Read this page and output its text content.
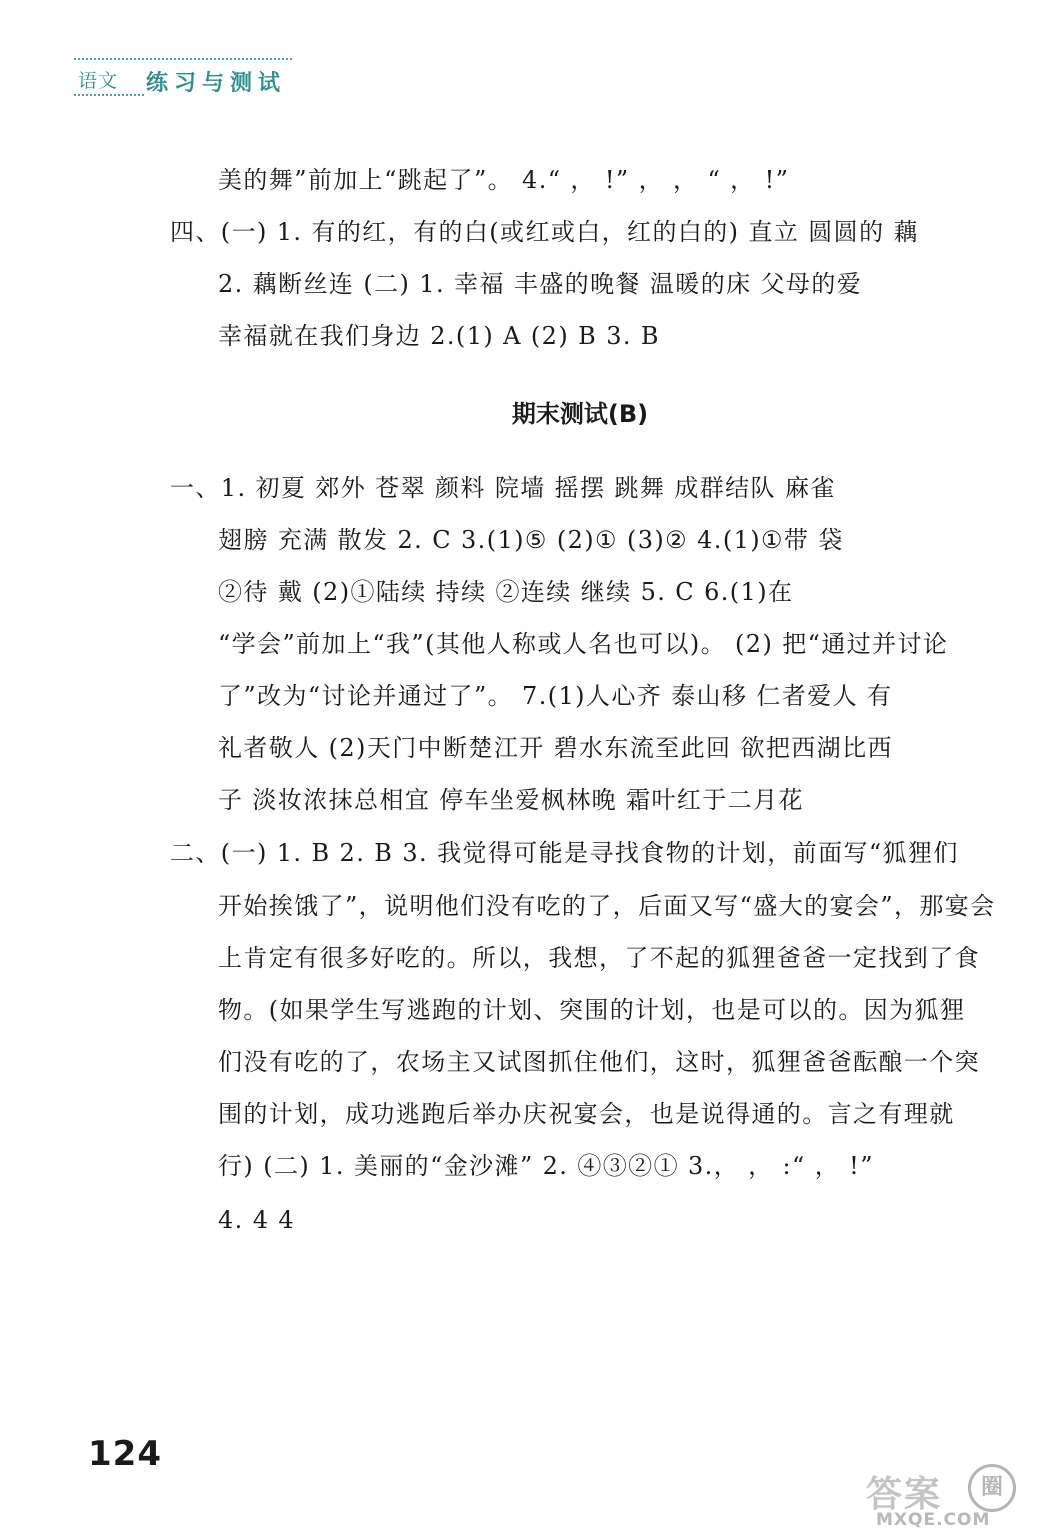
语文 练习与测试
美的舞”前加上“跳起了”。 4.“ ， !” ， ， “ ， !”
四、(一) 1. 有的红，有的白(或红或白，红的白的) 直立 圆圆的 藕
2. 藕断丝连 (二) 1. 幸福 丰盛的晚餐 温暖的床 父母的爱
幸福就在我们身边 2.(1) A (2) B 3. B
期末测试(B)
一、1. 初夏 郊外 苍翠 颜料 院墙 摇摆 跳舞 成群结队 麻雀
翅膀 充满 散发 2. C 3.(1)⑤ (2)① (3)② 4.(1)①带 袋
②待 戴 (2)①陆续 持续 ②连续 继续 5. C 6.(1)在
“学会”前加上“我”(其他人称或人名也可以)。 (2) 把“通过并讨论
了”改为“讨论并通过了”。 7.(1)人心齐 泰山移 仁者爱人 有
礼者敬人 (2)天门中断楚江开 碧水东流至此回 欲把西湖比西
子 淡妆浓抹总相宜 停车坐爱枫林晚 霜叶红于二月花
二、(一) 1. B 2. B 3. 我觉得可能是寻找食物的计划，前面写“狐狸们
开始挨饿了”，说明他们没有吃的了，后面又写“盛大的宴会”，那宴会
上肯定有很多好吃的。所以，我想，了不起的狐狸爸爸一定找到了食
物。(如果学生写逃跑的计划、突围的计划，也是可以的。因为狐狸
们没有吃的了，农场主又试图抓住他们，这时，狐狸爸爸酝酿一个突
围的计划，成功逃跑后举办庆祝宴会，也是说得通的。言之有理就
行) (二) 1. 美丽的“金沙滩” 2. ④③②① 3.， ， :“ ， !”
4. 4 4
124
答案	圈
MXQE.COM
